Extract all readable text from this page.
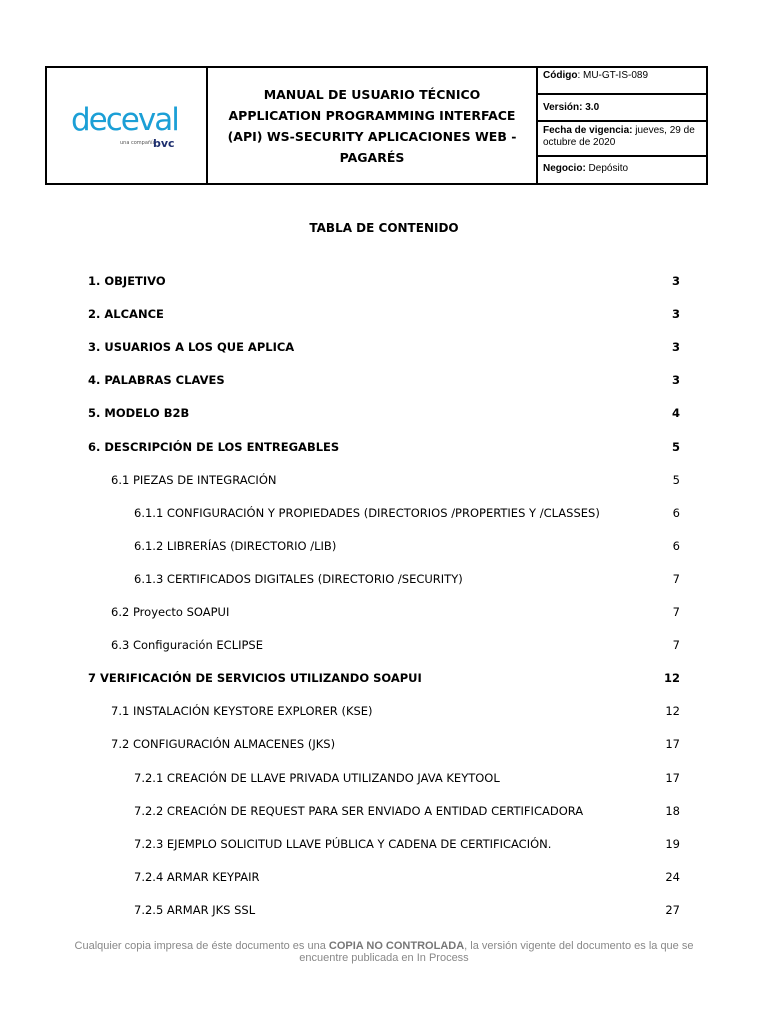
deceval
una compañía
bvc
MANUAL DE USUARIO TÉCNICO APPLICATION PROGRAMMING INTERFACE (API) WS-SECURITY APLICACIONES WEB - PAGARÉS
Código: MU-GT-IS-089
Versión: 3.0
Fecha de vigencia: jueves, 29 de octubre de 2020
Negocio: Depósito
TABLA DE CONTENIDO
1. OBJETIVO	3
2. ALCANCE	3
3. USUARIOS A LOS QUE APLICA	3
4. PALABRAS CLAVES	3
5. MODELO B2B	4
6. DESCRIPCIÓN DE LOS ENTREGABLES	5
6.1 PIEZAS DE INTEGRACIÓN	5
6.1.1 CONFIGURACIÓN Y PROPIEDADES (DIRECTORIOS /PROPERTIES Y /CLASSES)	6
6.1.2 LIBRERÍAS (DIRECTORIO /LIB)	6
6.1.3 CERTIFICADOS DIGITALES (DIRECTORIO /SECURITY)	7
6.2 Proyecto SOAPUI	7
6.3 Configuración ECLIPSE	7
7 VERIFICACIÓN DE SERVICIOS UTILIZANDO SOAPUI	12
7.1 INSTALACIÓN KEYSTORE EXPLORER (KSE)	12
7.2 CONFIGURACIÓN ALMACENES (JKS)	17
7.2.1 CREACIÓN DE LLAVE PRIVADA UTILIZANDO JAVA KEYTOOL	17
7.2.2 CREACIÓN DE REQUEST PARA SER ENVIADO A ENTIDAD CERTIFICADORA	18
7.2.3 EJEMPLO SOLICITUD LLAVE PÚBLICA Y CADENA DE CERTIFICACIÓN.	19
7.2.4 ARMAR KEYPAIR	24
7.2.5 ARMAR JKS SSL	27
Cualquier copia impresa de éste documento es una COPIA NO CONTROLADA, la versión vigente del documento es la que se encuentre publicada en In Process
